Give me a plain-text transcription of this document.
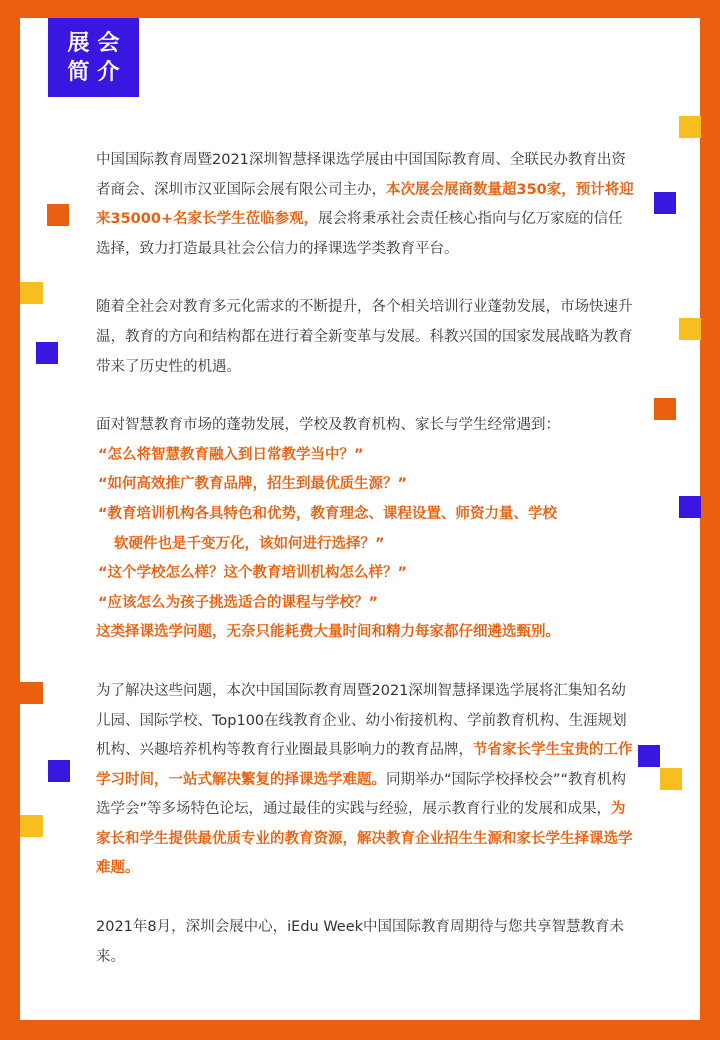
展会
简介

中国国际教育周暨2021深圳智慧择课选学展由中国国际教育周、全联民办教育出资者商会、深圳市汉亚国际会展有限公司主办，本次展会展商数量超350家，预计将迎来35000+名家长学生莅临参观，展会将秉承社会责任核心指向与亿万家庭的信任选择，致力打造最具社会公信力的择课选学类教育平台。

随着全社会对教育多元化需求的不断提升，各个相关培训行业蓬勃发展，市场快速升温，教育的方向和结构都在进行着全新变革与发展。科教兴国的国家发展战略为教育带来了历史性的机遇。

面对智慧教育市场的蓬勃发展，学校及教育机构、家长与学生经常遇到：
“怎么将智慧教育融入到日常教学当中？”
“如何高效推广教育品牌，招生到最优质生源？”
“教育培训机构各具特色和优势，教育理念、课程设置、师资力量、学校
软硬件也是千变万化，该如何进行选择？”
“这个学校怎么样？这个教育培训机构怎么样？”
“应该怎么为孩子挑选适合的课程与学校？”
这类择课选学问题，无奈只能耗费大量时间和精力每家都仔细遴选甄别。

为了解决这些问题，本次中国国际教育周暨2021深圳智慧择课选学展将汇集知名幼儿园、国际学校、Top100在线教育企业、幼小衔接机构、学前教育机构、生涯规划机构、兴趣培养机构等教育行业圈最具影响力的教育品牌，节省家长学生宝贵的工作学习时间，一站式解决繁复的择课选学难题。同期举办“国际学校择校会”“教育机构选学会”等多场特色论坛，通过最佳的实践与经验，展示教育行业的发展和成果，为家长和学生提供最优质专业的教育资源，解决教育企业招生生源和家长学生择课选学难题。

2021年8月，深圳会展中心，iEdu Week中国国际教育周期待与您共享智慧教育未来。
